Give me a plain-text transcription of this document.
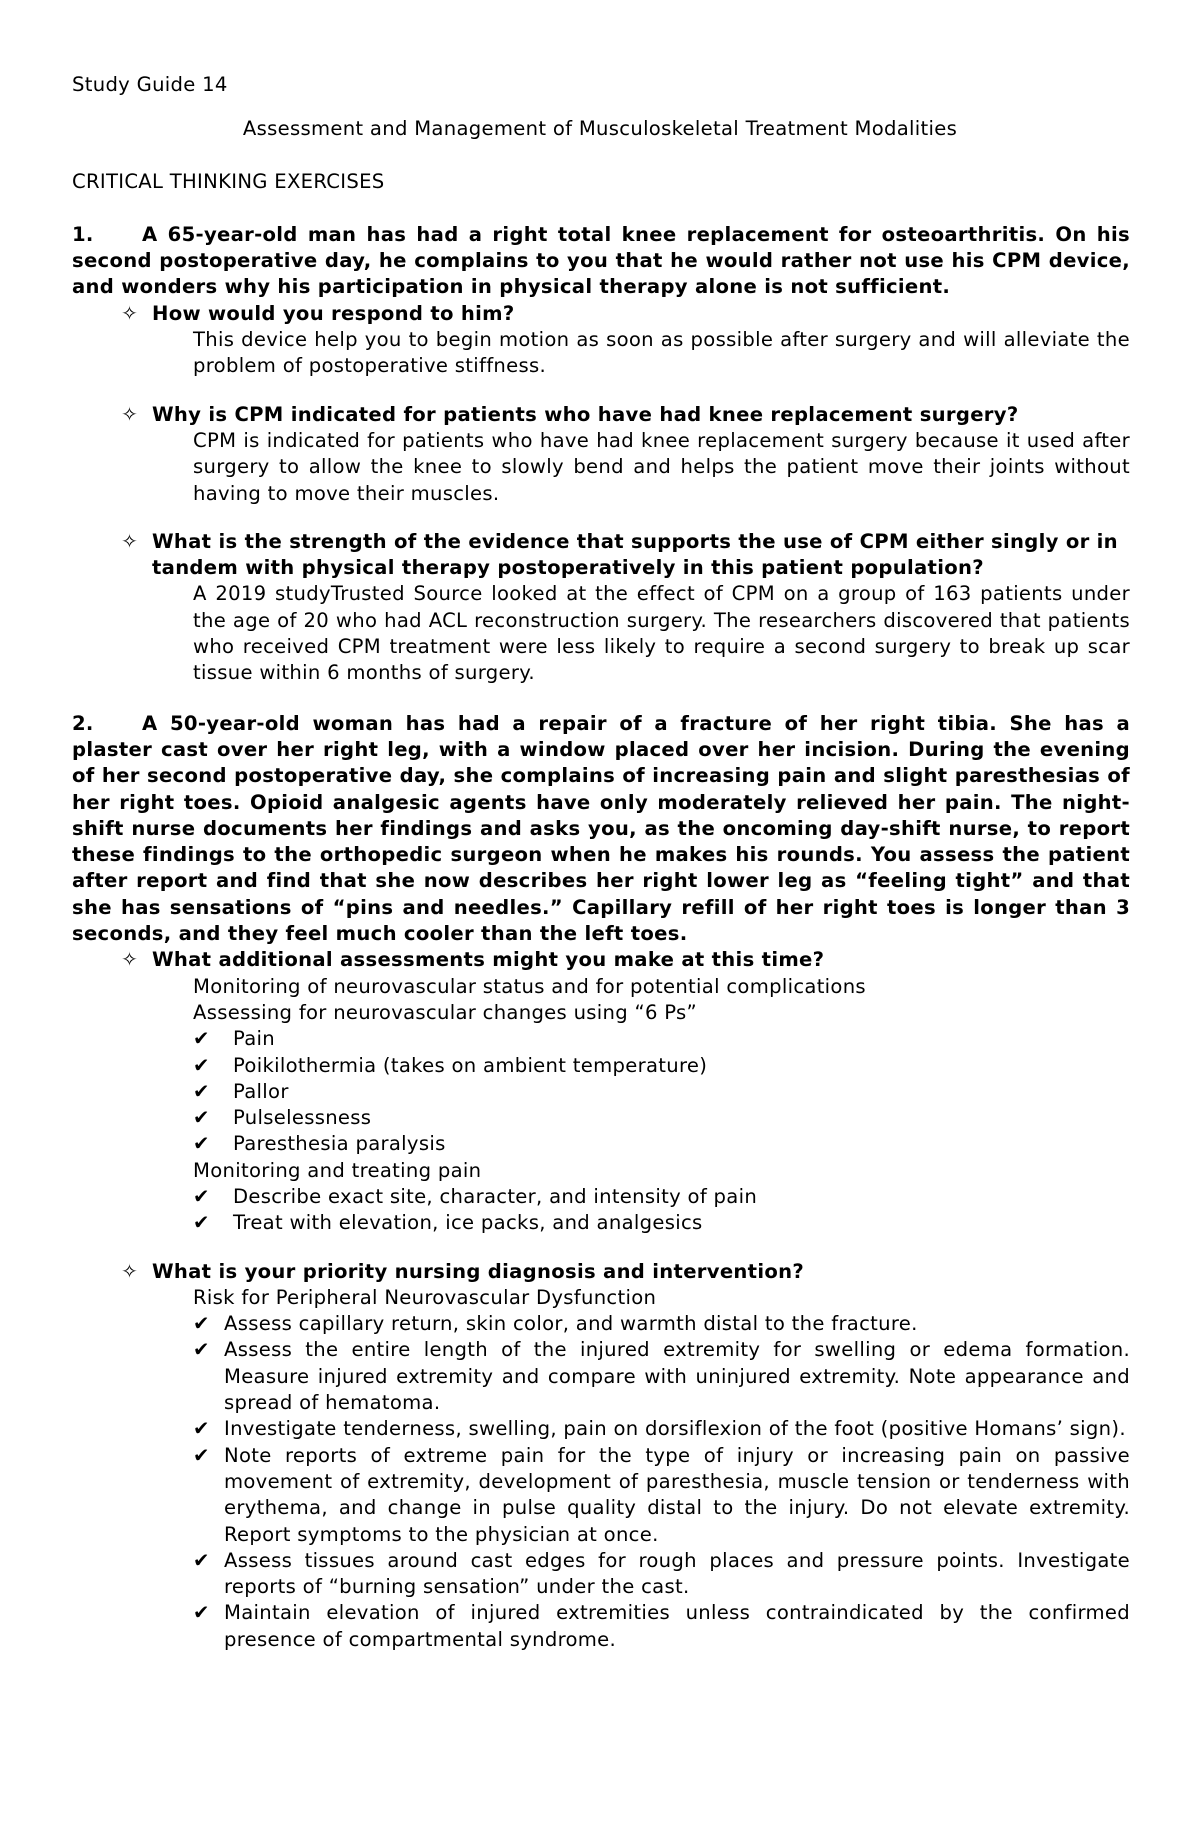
Study Guide 14

Assessment and Management of Musculoskeletal Treatment Modalities

CRITICAL THINKING EXERCISES

1. A 65-year-old man has had a right total knee replacement for osteoarthritis. On his second postoperative day, he complains to you that he would rather not use his CPM device, and wonders why his participation in physical therapy alone is not sufficient.

✧ How would you respond to him?

This device help you to begin motion as soon as possible after surgery and will alleviate the problem of postoperative stiffness.

✧ Why is CPM indicated for patients who have had knee replacement surgery?

CPM is indicated for patients who have had knee replacement surgery because it used after surgery to allow the knee to slowly bend and helps the patient move their joints without having to move their muscles.

✧ What is the strength of the evidence that supports the use of CPM either singly or in tandem with physical therapy postoperatively in this patient population?

A 2019 studyTrusted Source looked at the effect of CPM on a group of 163 patients under the age of 20 who had ACL reconstruction surgery. The researchers discovered that patients who received CPM treatment were less likely to require a second surgery to break up scar tissue within 6 months of surgery.

2. A 50-year-old woman has had a repair of a fracture of her right tibia. She has a plaster cast over her right leg, with a window placed over her incision. During the evening of her second postoperative day, she complains of increasing pain and slight paresthesias of her right toes. Opioid analgesic agents have only moderately relieved her pain. The night-shift nurse documents her findings and asks you, as the oncoming day-shift nurse, to report these findings to the orthopedic surgeon when he makes his rounds. You assess the patient after report and find that she now describes her right lower leg as “feeling tight” and that she has sensations of “pins and needles.” Capillary refill of her right toes is longer than 3 seconds, and they feel much cooler than the left toes.

✧ What additional assessments might you make at this time?

Monitoring of neurovascular status and for potential complications

Assessing for neurovascular changes using “6 Ps”

✔	Pain
✔	Poikilothermia (takes on ambient temperature)
✔	Pallor
✔	Pulselessness
✔	Paresthesia paralysis

Monitoring and treating pain

✔	Describe exact site, character, and intensity of pain
✔	Treat with elevation, ice packs, and analgesics
✧ What is your priority nursing diagnosis and intervention?

Risk for Peripheral Neurovascular Dysfunction

✔ Assess capillary return, skin color, and warmth distal to the fracture.
✔ Assess the entire length of the injured extremity for swelling or edema formation. Measure injured extremity and compare with uninjured extremity. Note appearance and spread of hematoma.
✔ Investigate tenderness, swelling, pain on dorsiflexion of the foot (positive Homans’ sign).
✔ Note reports of extreme pain for the type of injury or increasing pain on passive movement of extremity, development of paresthesia, muscle tension or tenderness with erythema, and change in pulse quality distal to the injury. Do not elevate extremity. Report symptoms to the physician at once.
✔ Assess tissues around cast edges for rough places and pressure points. Investigate reports of “burning sensation” under the cast.
✔ Maintain elevation of injured extremities unless contraindicated by the confirmed presence of compartmental syndrome.
